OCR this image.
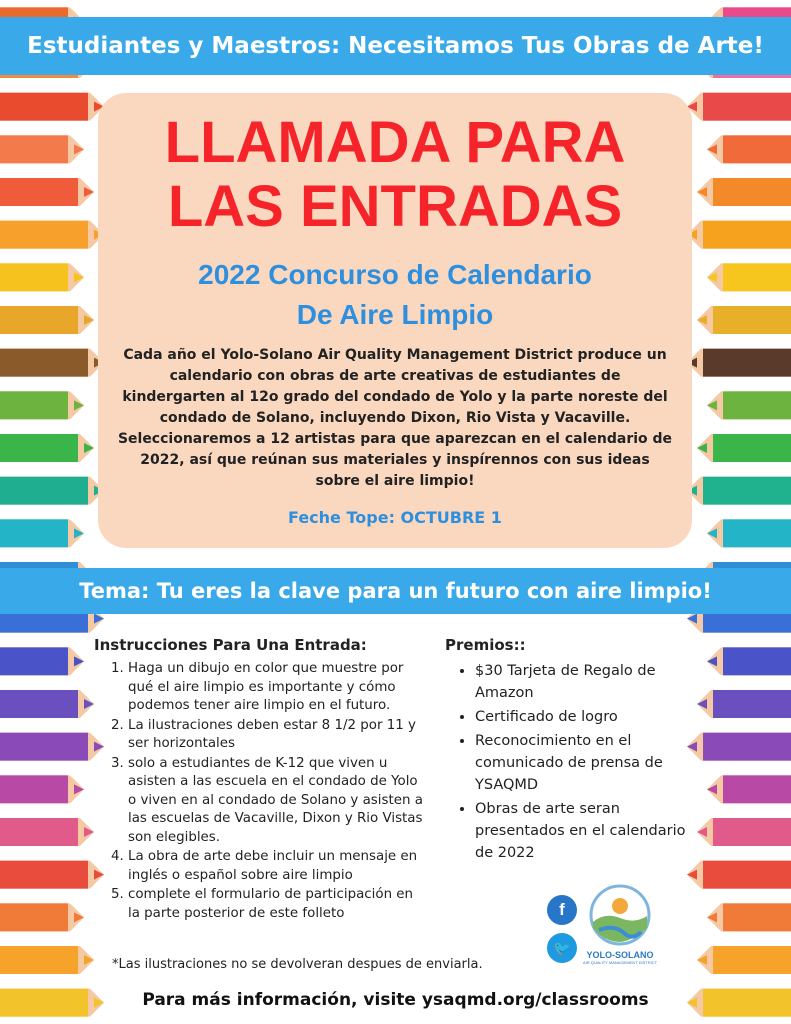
Estudiantes y Maestros: Necesitamos Tus Obras de Arte!
LLAMADA PARA
LAS ENTRADAS
2022 Concurso de Calendario
De Aire Limpio
Cada año el Yolo-Solano Air Quality Management District produce un calendario con obras de arte creativas de estudiantes de kindergarten al 12o grado del condado de Yolo y la parte noreste del condado de Solano, incluyendo Dixon, Rio Vista y Vacaville. Seleccionaremos a 12 artistas para que aparezcan en el calendario de 2022, así que reúnan sus materiales y inspírennos con sus ideas sobre el aire limpio!
Feche Tope: OCTUBRE 1
Tema: Tu eres la clave para un futuro con aire limpio!
Instrucciones Para Una Entrada:
1. Haga un dibujo en color que muestre por qué el aire limpio es importante y cómo podemos tener aire limpio en el futuro.
2. La ilustraciones deben estar 8 1/2 por 11 y ser horizontales
3. solo a estudiantes de K-12 que viven u asisten a las escuela en el condado de Yolo o viven en al condado de Solano y asisten a las escuelas de Vacaville, Dixon y Rio Vistas son elegibles.
4. La obra de arte debe incluir un mensaje en inglés o español sobre aire limpio
5. complete el formulario de participación en la parte posterior de este folleto
Premios::
• $30 Tarjeta de Regalo de Amazon
• Certificado de logro
• Reconocimiento en el comunicado de prensa de YSAQMD
• Obras de arte seran presentados en el calendario de 2022
f
🐦	YOLO-SOLANO
AIR QUALITY MANAGEMENT DISTRICT
*Las ilustraciones no se devolveran despues de enviarla.
Para más información, visite ysaqmd.org/classrooms
